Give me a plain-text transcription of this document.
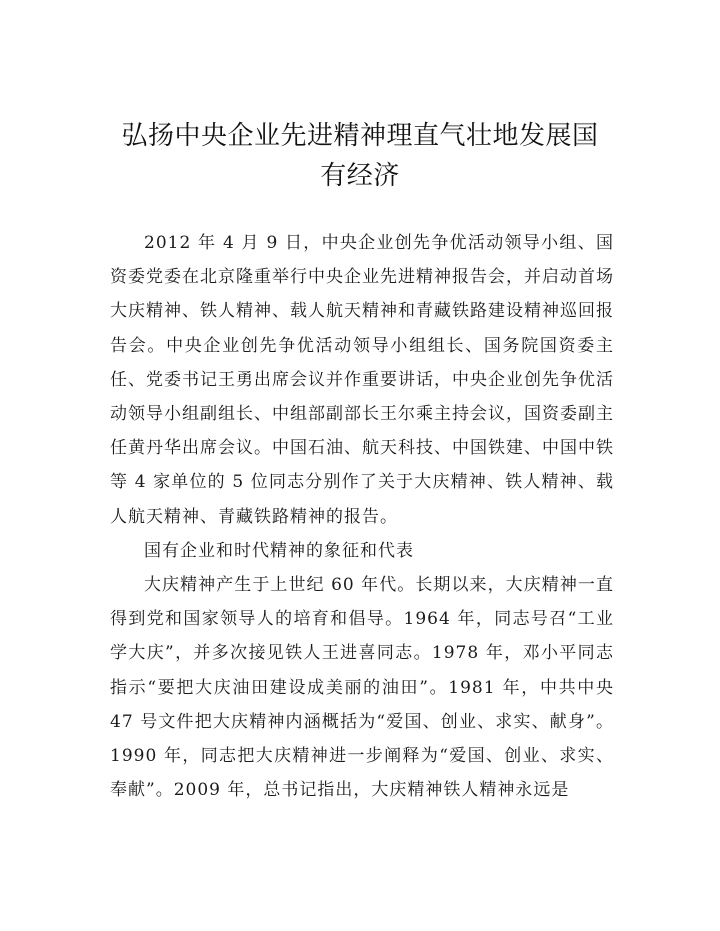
弘扬中央企业先进精神理直气壮地发展国有经济

2012 年 4 月 9 日，中央企业创先争优活动领导小组、国资委党委在北京隆重举行中央企业先进精神报告会，并启动首场大庆精神、铁人精神、载人航天精神和青藏铁路建设精神巡回报告会。中央企业创先争优活动领导小组组长、国务院国资委主任、党委书记王勇出席会议并作重要讲话，中央企业创先争优活动领导小组副组长、中组部副部长王尔乘主持会议，国资委副主任黄丹华出席会议。中国石油、航天科技、中国铁建、中国中铁等 4 家单位的 5 位同志分别作了关于大庆精神、铁人精神、载人航天精神、青藏铁路精神的报告。

国有企业和时代精神的象征和代表

大庆精神产生于上世纪 60 年代。长期以来，大庆精神一直得到党和国家领导人的培育和倡导。1964 年，同志号召“工业学大庆”，并多次接见铁人王进喜同志。1978 年，邓小平同志指示“要把大庆油田建设成美丽的油田”。1981 年，中共中央 47 号文件把大庆精神内涵概括为“爱国、创业、求实、献身”。1990 年，同志把大庆精神进一步阐释为“爱国、创业、求实、奉献”。2009 年，总书记指出，大庆精神铁人精神永远是
